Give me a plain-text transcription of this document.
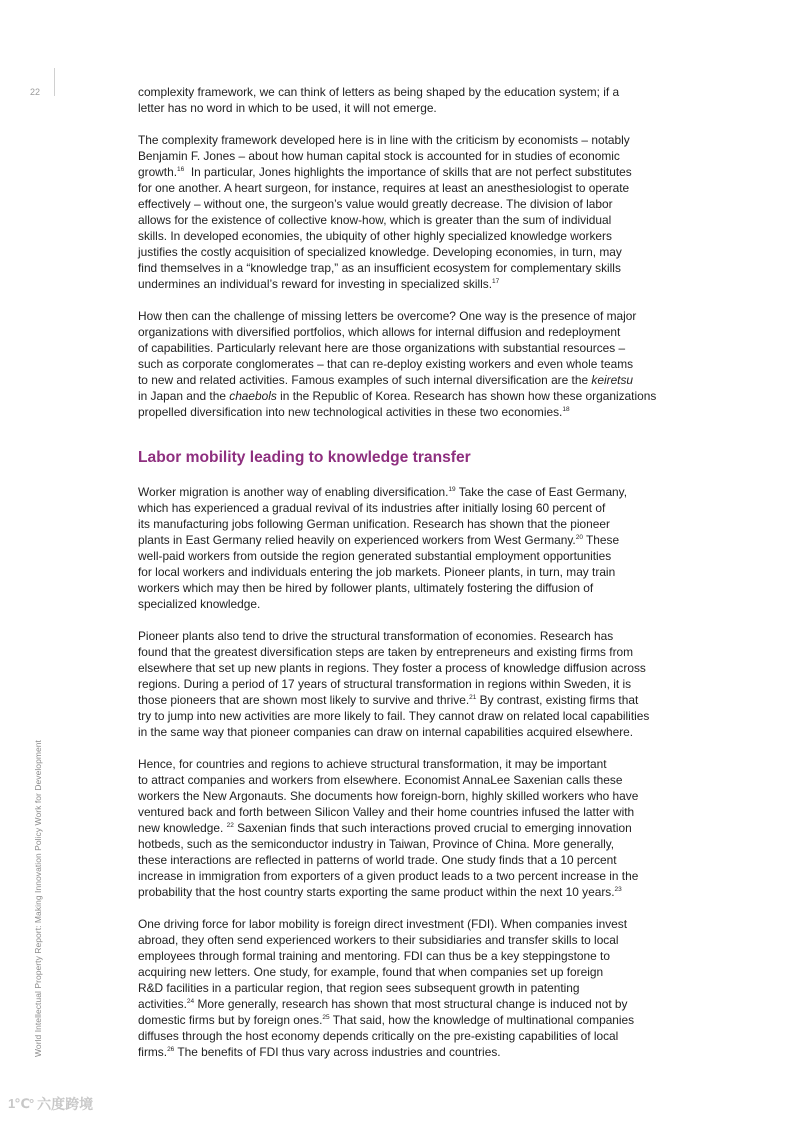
22
World Intellectual Property Report: Making Innovation Policy Work for Development
complexity framework, we can think of letters as being shaped by the education system; if a
letter has no word in which to be used, it will not emerge.
The complexity framework developed here is in line with the criticism by economists – notably
Benjamin F. Jones – about how human capital stock is accounted for in studies of economic
growth.$^{16}$  In particular, Jones highlights the importance of skills that are not perfect substitutes
for one another. A heart surgeon, for instance, requires at least an anesthesiologist to operate
effectively – without one, the surgeon’s value would greatly decrease. The division of labor
allows for the existence of collective know-how, which is greater than the sum of individual
skills. In developed economies, the ubiquity of other highly specialized knowledge workers
justifies the costly acquisition of specialized knowledge. Developing economies, in turn, may
find themselves in a “knowledge trap,” as an insufficient ecosystem for complementary skills
undermines an individual’s reward for investing in specialized skills.$^{17}$
How then can the challenge of missing letters be overcome? One way is the presence of major
organizations with diversified portfolios, which allows for internal diffusion and redeployment
of capabilities. Particularly relevant here are those organizations with substantial resources –
such as corporate conglomerates – that can re-deploy existing workers and even whole teams
to new and related activities. Famous examples of such internal diversification are the keiretsu
in Japan and the chaebols in the Republic of Korea. Research has shown how these organizations
propelled diversification into new technological activities in these two economies.$^{18}$
Labor mobility leading to knowledge transfer
Worker migration is another way of enabling diversification.$^{19}$ Take the case of East Germany,
which has experienced a gradual revival of its industries after initially losing 60 percent of
its manufacturing jobs following German unification. Research has shown that the pioneer
plants in East Germany relied heavily on experienced workers from West Germany.$^{20}$ These
well-paid workers from outside the region generated substantial employment opportunities
for local workers and individuals entering the job markets. Pioneer plants, in turn, may train
workers which may then be hired by follower plants, ultimately fostering the diffusion of
specialized knowledge.
Pioneer plants also tend to drive the structural transformation of economies. Research has
found that the greatest diversification steps are taken by entrepreneurs and existing firms from
elsewhere that set up new plants in regions. They foster a process of knowledge diffusion across
regions. During a period of 17 years of structural transformation in regions within Sweden, it is
those pioneers that are shown most likely to survive and thrive.$^{21}$ By contrast, existing firms that
try to jump into new activities are more likely to fail. They cannot draw on related local capabilities
in the same way that pioneer companies can draw on internal capabilities acquired elsewhere.
Hence, for countries and regions to achieve structural transformation, it may be important
to attract companies and workers from elsewhere. Economist AnnaLee Saxenian calls these
workers the New Argonauts. She documents how foreign-born, highly skilled workers who have
ventured back and forth between Silicon Valley and their home countries infused the latter with
new knowledge. $^{22}$ Saxenian finds that such interactions proved crucial to emerging innovation
hotbeds, such as the semiconductor industry in Taiwan, Province of China. More generally,
these interactions are reflected in patterns of world trade. One study finds that a 10 percent
increase in immigration from exporters of a given product leads to a two percent increase in the
probability that the host country starts exporting the same product within the next 10 years.$^{23}$
One driving force for labor mobility is foreign direct investment (FDI). When companies invest
abroad, they often send experienced workers to their subsidiaries and transfer skills to local
employees through formal training and mentoring. FDI can thus be a key steppingstone to
acquiring new letters. One study, for example, found that when companies set up foreign
R&D facilities in a particular region, that region sees subsequent growth in patenting
activities.$^{24}$ More generally, research has shown that most structural change is induced not by
domestic firms but by foreign ones.$^{25}$ That said, how the knowledge of multinational companies
diffuses through the host economy depends critically on the pre-existing capabilities of local
firms.$^{26}$ The benefits of FDI thus vary across industries and countries.
1℃° 六度跨境
